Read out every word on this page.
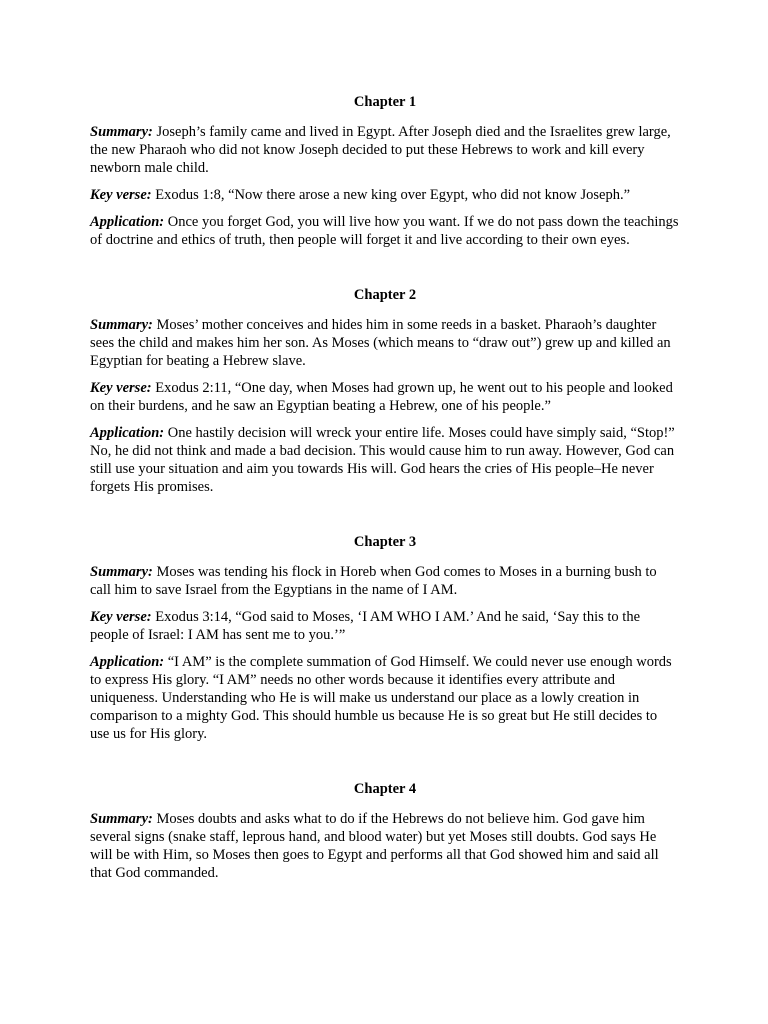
Chapter 1

Summary: Joseph’s family came and lived in Egypt. After Joseph died and the Israelites grew large, the new Pharaoh who did not know Joseph decided to put these Hebrews to work and kill every newborn male child.

Key verse: Exodus 1:8, “Now there arose a new king over Egypt, who did not know Joseph.”

Application: Once you forget God, you will live how you want. If we do not pass down the teachings of doctrine and ethics of truth, then people will forget it and live according to their own eyes.

Chapter 2

Summary: Moses’ mother conceives and hides him in some reeds in a basket. Pharaoh’s daughter sees the child and makes him her son. As Moses (which means to “draw out”) grew up and killed an Egyptian for beating a Hebrew slave.

Key verse: Exodus 2:11, “One day, when Moses had grown up, he went out to his people and looked on their burdens, and he saw an Egyptian beating a Hebrew, one of his people.”

Application: One hastily decision will wreck your entire life. Moses could have simply said, “Stop!” No, he did not think and made a bad decision. This would cause him to run away. However, God can still use your situation and aim you towards His will. God hears the cries of His people–He never forgets His promises.

Chapter 3

Summary: Moses was tending his flock in Horeb when God comes to Moses in a burning bush to call him to save Israel from the Egyptians in the name of I AM.

Key verse: Exodus 3:14, “God said to Moses, ‘I AM WHO I AM.’ And he said, ‘Say this to the people of Israel: I AM has sent me to you.’”

Application: “I AM” is the complete summation of God Himself. We could never use enough words to express His glory. “I AM” needs no other words because it identifies every attribute and uniqueness. Understanding who He is will make us understand our place as a lowly creation in comparison to a mighty God. This should humble us because He is so great but He still decides to use us for His glory.

Chapter 4

Summary: Moses doubts and asks what to do if the Hebrews do not believe him. God gave him several signs (snake staff, leprous hand, and blood water) but yet Moses still doubts. God says He will be with Him, so Moses then goes to Egypt and performs all that God showed him and said all that God commanded.
